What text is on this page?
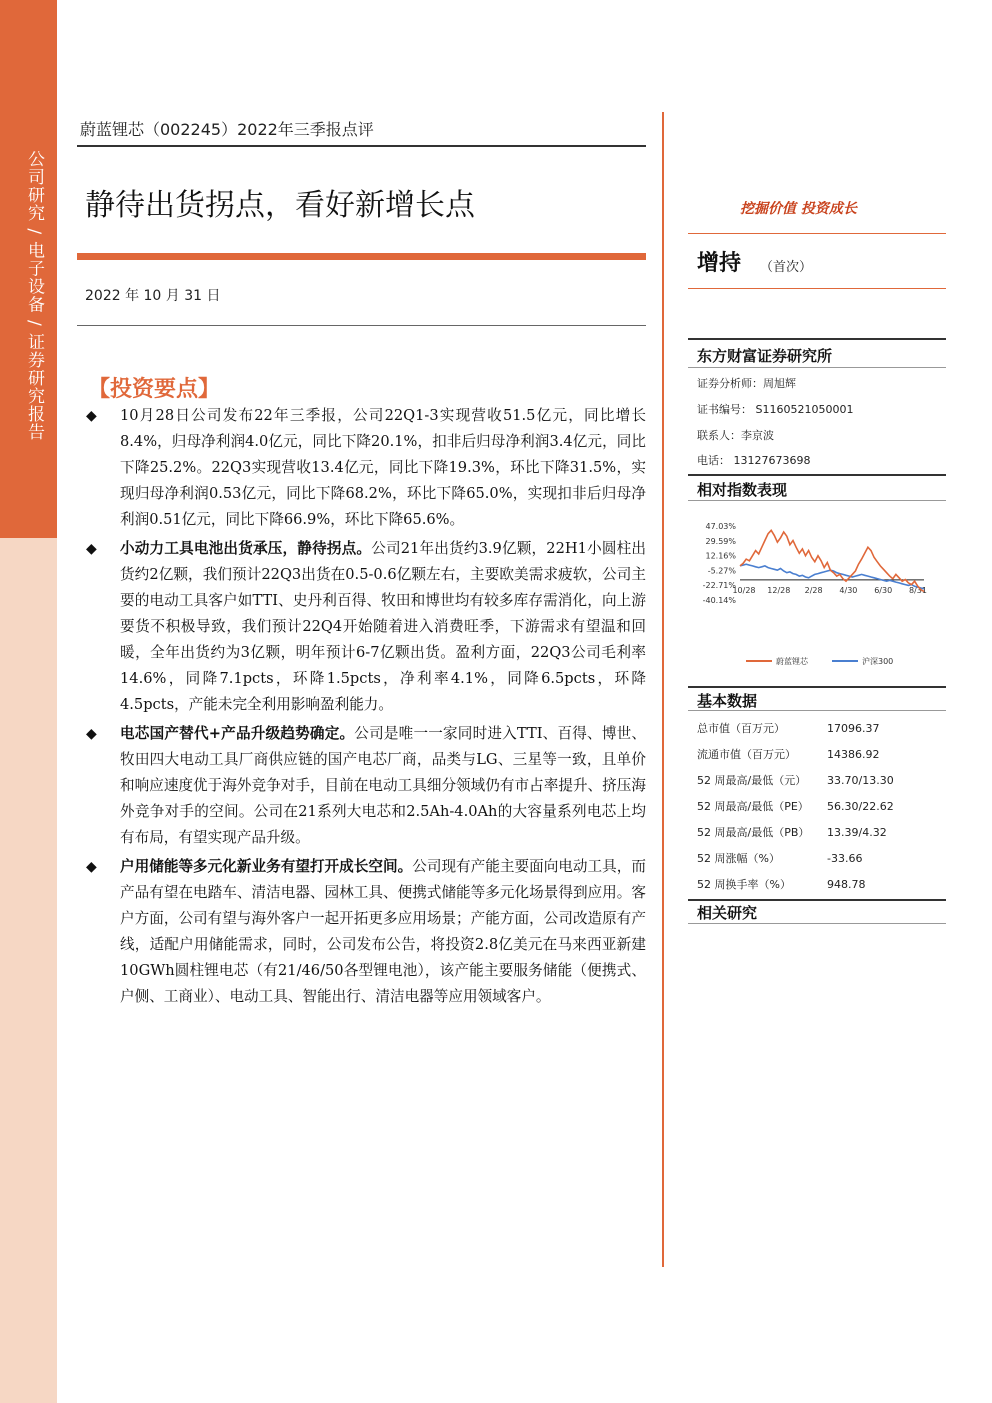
公司研究 / 电子设备 / 证券研究报告
蔚蓝锂芯（002245）2022年三季报点评
静待出货拐点，看好新增长点	挖掘价值 投资成长
2022 年 10 月 31 日
【投资要点】
◆	10月28日公司发布22年三季报，公司22Q1-3实现营收51.5亿元，同比增长8.4%，归母净利润4.0亿元，同比下降20.1%，扣非后归母净利润3.4亿元，同比下降25.2%。22Q3实现营收13.4亿元，同比下降19.3%，环比下降31.5%，实现归母净利润0.53亿元，同比下降68.2%，环比下降65.0%，实现扣非后归母净利润0.51亿元，同比下降66.9%，环比下降65.6%。
◆	小动力工具电池出货承压，静待拐点。公司21年出货约3.9亿颗，22H1小圆柱出货约2亿颗，我们预计22Q3出货在0.5-0.6亿颗左右，主要欧美需求疲软，公司主要的电动工具客户如TTI、史丹利百得、牧田和博世均有较多库存需消化，向上游要货不积极导致，我们预计22Q4开始随着进入消费旺季，下游需求有望温和回暖，全年出货约为3亿颗，明年预计6-7亿颗出货。盈利方面，22Q3公司毛利率14.6%，同降7.1pcts，环降1.5pcts，净利率4.1%，同降6.5pcts，环降4.5pcts，产能未完全利用影响盈利能力。
◆	电芯国产替代+产品升级趋势确定。公司是唯一一家同时进入TTI、百得、博世、牧田四大电动工具厂商供应链的国产电芯厂商，品类与LG、三星等一致，且单价和响应速度优于海外竞争对手，目前在电动工具细分领域仍有市占率提升、挤压海外竞争对手的空间。公司在21系列大电芯和2.5Ah-4.0Ah的大容量系列电芯上均有布局，有望实现产品升级。
◆	户用储能等多元化新业务有望打开成长空间。公司现有产能主要面向电动工具，而产品有望在电踏车、清洁电器、园林工具、便携式储能等多元化场景得到应用。客户方面，公司有望与海外客户一起开拓更多应用场景；产能方面，公司改造原有产线，适配户用储能需求，同时，公司发布公告，将投资2.8亿美元在马来西亚新建10GWh圆柱锂电芯（有21/46/50各型锂电池），该产能主要服务储能（便携式、户侧、工商业）、电动工具、智能出行、清洁电器等应用领域客户。
增持 （首次）
东方财富证券研究所
证券分析师：周旭辉
证书编号： S1160521050001
联系人：李京波
电话： 13127673698
相对指数表现
47.03%
29.59%
12.16%
-5.27%
-22.71%
-40.14%
10/28 12/28 2/28 4/30 6/30 8/31
蔚蓝锂芯	沪深300
基本数据
总市值（百万元）	17096.37
流通市值（百万元）	14386.92
52 周最高/最低（元）	33.70/13.30
52 周最高/最低（PE）	56.30/22.62
52 周最高/最低（PB）	13.39/4.32
52 周涨幅（%）	-33.66
52 周换手率（%）	948.78
相关研究
